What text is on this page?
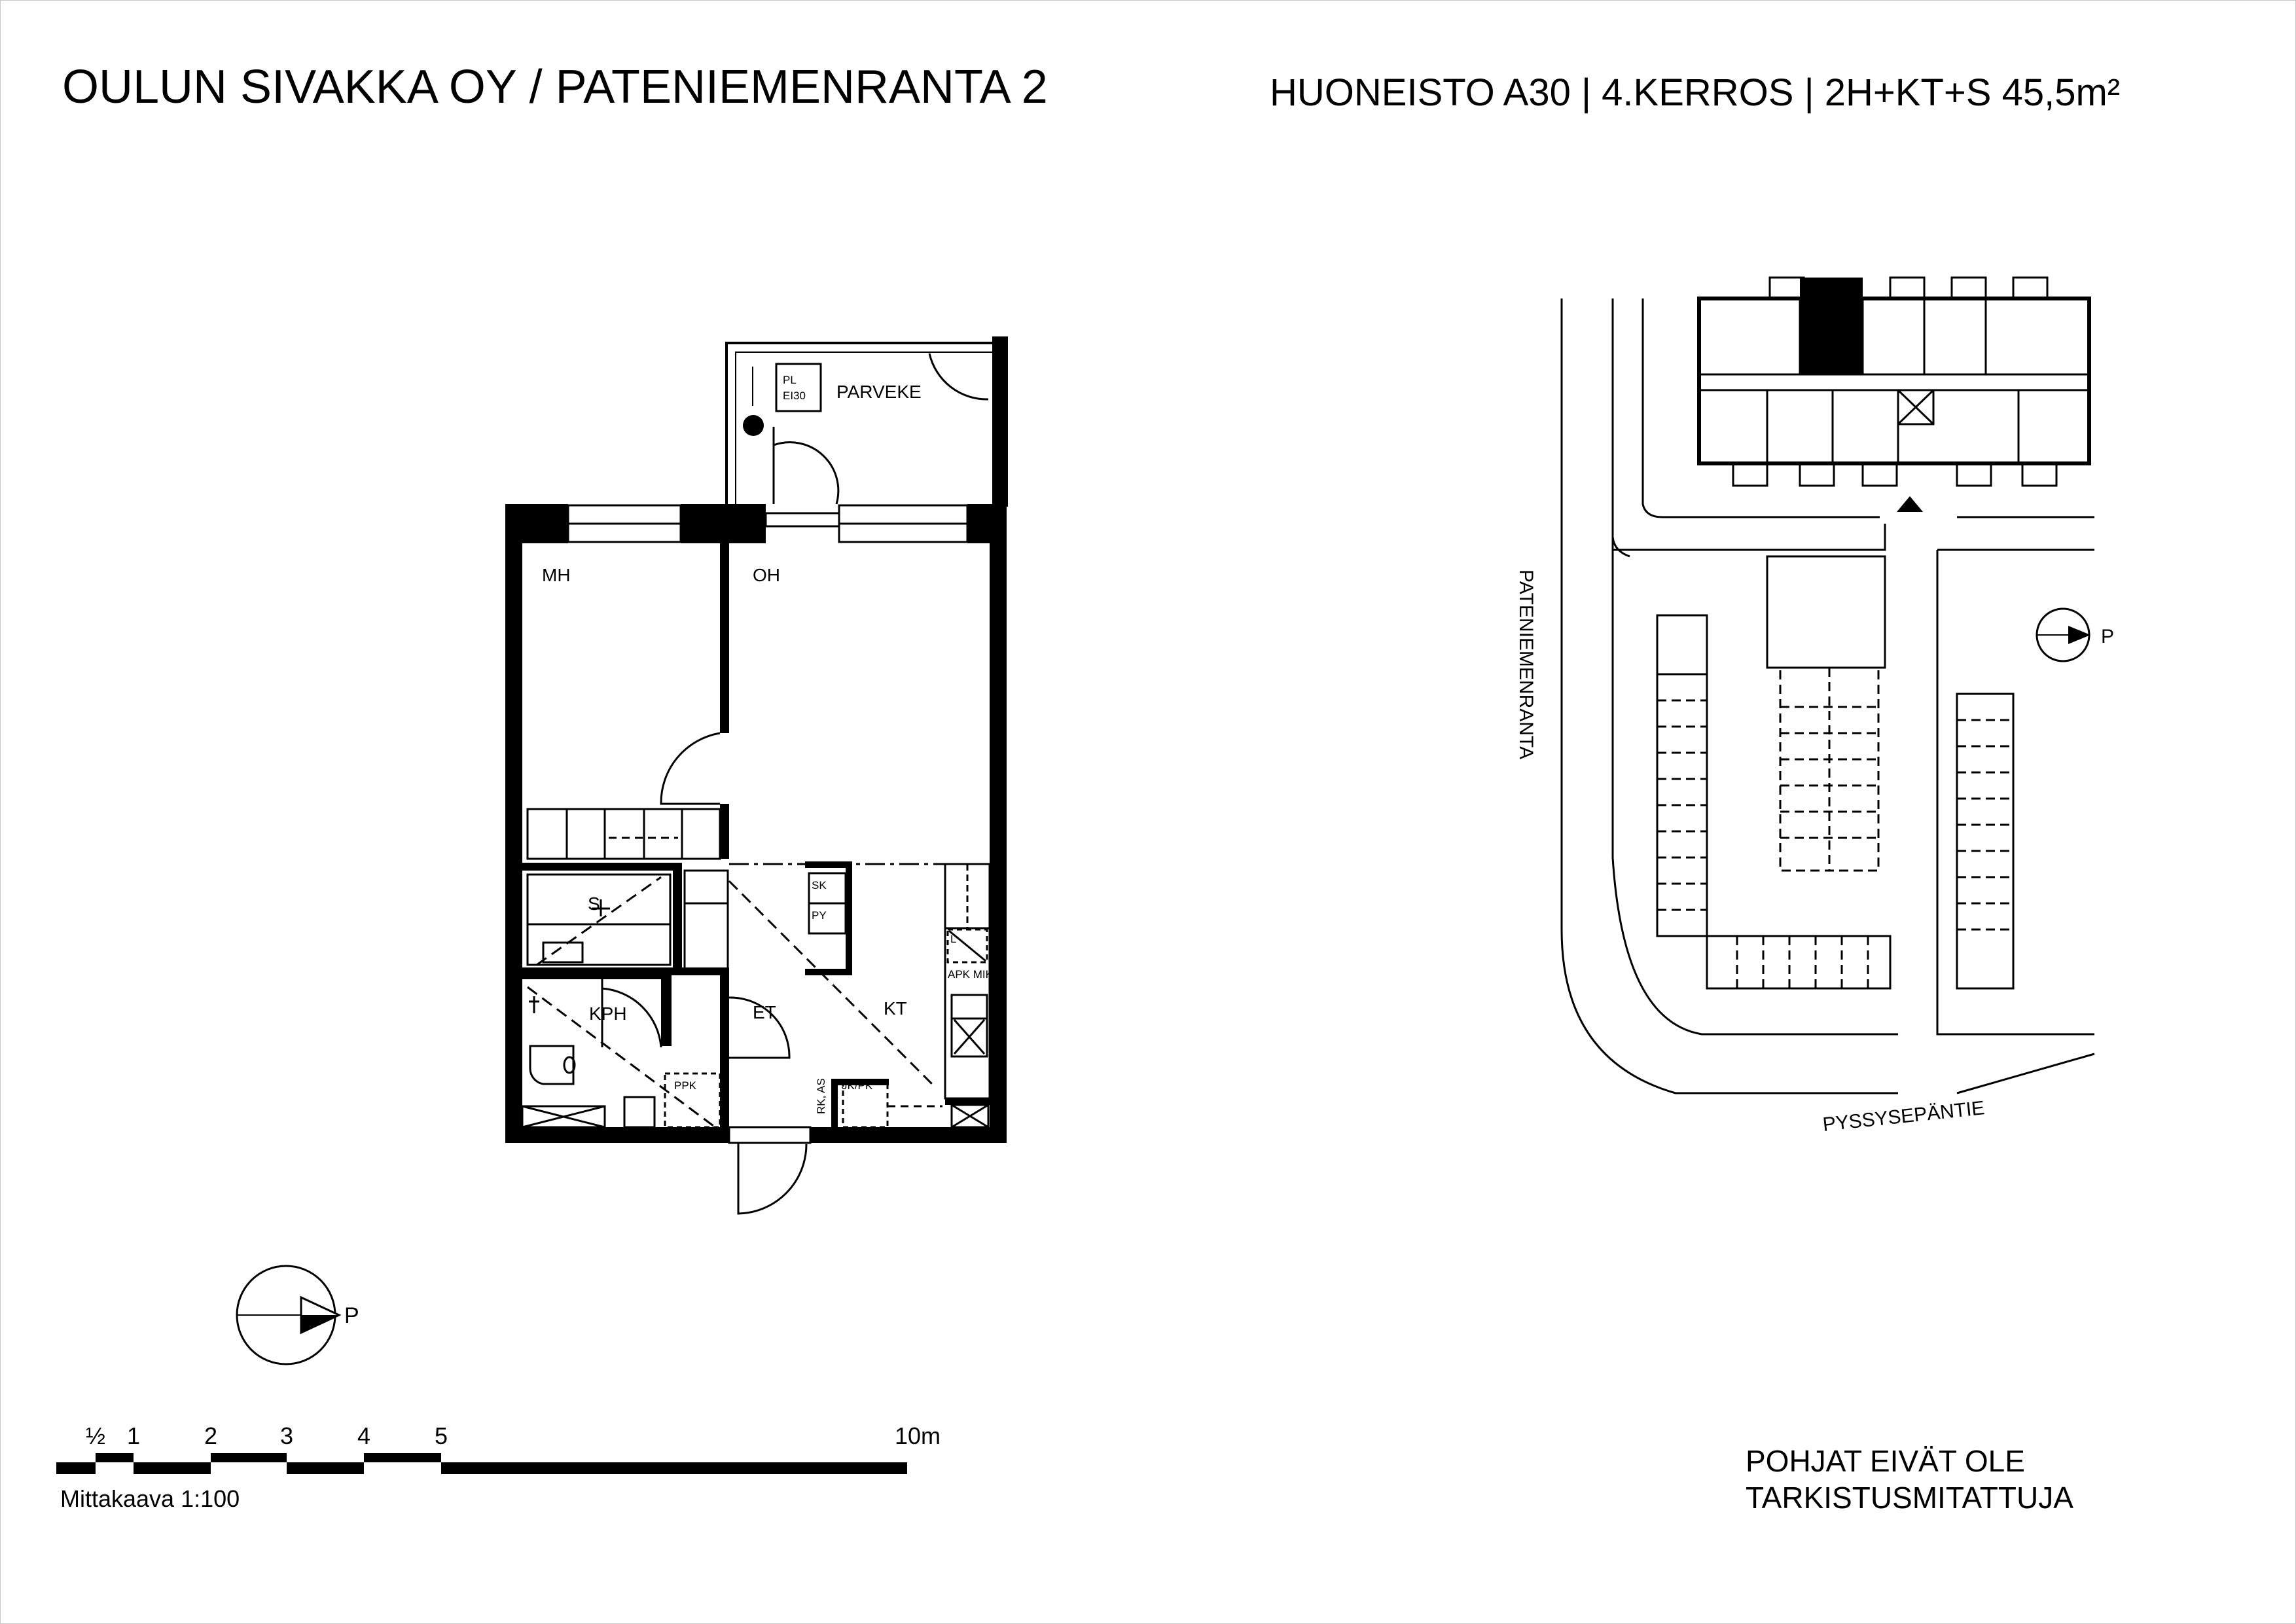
OULUN SIVAKKA OY / PATENIEMENRANTA 2	HUONEISTO A30 | 4.KERROS | 2H+KT+S 45,5m²
PARVEKE
MH	OH
S
KPH	ET	KT
PL
EI30
SK
PY
PPK	JK/PK
APK MIK
L
RK, AS
P
½ 1	2	3	4	5	10m
Mittakaava 1:100
P
PATENIEMENRANTA
PYSSYSEPÄNTIE
POHJAT EIVÄT OLE
TARKISTUSMITATTUJA
